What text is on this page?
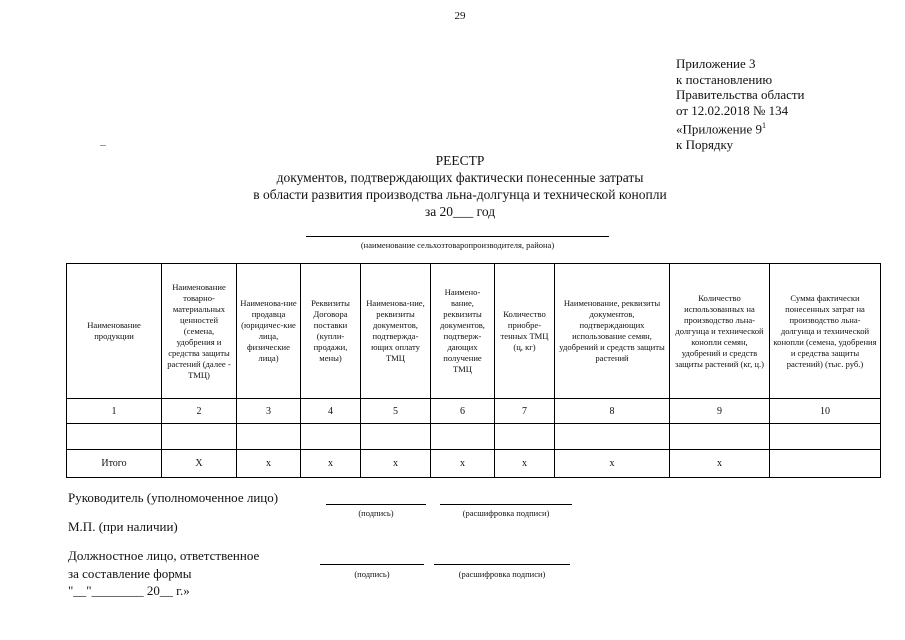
29
Приложение 3
к постановлению
Правительства области
от 12.02.2018 № 134
«Приложение $9^1$
к Порядку
РЕЕСТР
документов, подтверждающих фактически понесенные затраты
в области развития производства льна-долгунца и технической конопли
за 20___ год
(наименование сельхозтоваропроизводителя, района)
Наименование продукции	Наименование товарно-материальных ценностей (семена, удобрения и средства защиты растений (далее - ТМЦ)	Наименова-ние продавца (юридичес-кие лица, физические лица)	Реквизиты Договора поставки (купли-продажи, мены)	Наименова-ние, реквизиты документов, подтвержда-ющих оплату ТМЦ	Наимено-вание, реквизиты документов, подтверж-дающих получение ТМЦ	Количество приобре-тенных ТМЦ (ц, кг)	Наименование, реквизиты документов, подтверждающих использование семян, удобрений и средств защиты растений	Количество использованных на производство льна-долгунца и технической конопли семян, удобрений и средств защиты растений (кг, ц.)	Сумма фактически понесенных затрат на производство льна-долгунца и технической конопли (семена, удобрения и средства защиты растений) (тыс. руб.)
1	2	3	4	5	6	7	8	9	10

Итого	Х	х	х	х	х	х	х	х	
Руководитель (уполномоченное лицо)
(подпись)	(расшифровка подписи)
М.П. (при наличии)
Должностное лицо, ответственное
за составление формы	(подпись)	(расшифровка подписи)
"__"________ 20__ г.»
